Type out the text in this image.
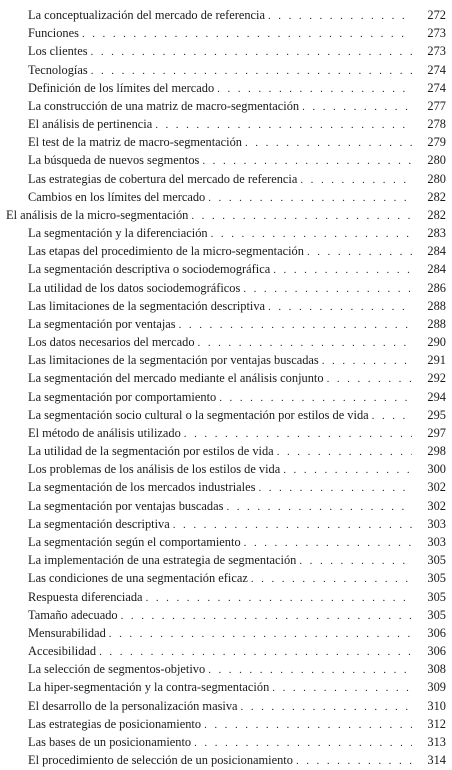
La conceptualización del mercado de referencia . . .	272
Funciones . . .	273
Los clientes . . .	273
Tecnologías . . .	274
Definición de los límites del mercado . . .	274
La construcción de una matriz de macro-segmentación . . .	277
El análisis de pertinencia . . .	278
El test de la matriz de macro-segmentación . . .	279
La búsqueda de nuevos segmentos . . .	280
Las estrategias de cobertura del mercado de referencia . . .	280
Cambios en los límites del mercado . . .	282
El análisis de la micro-segmentación . . .	282
La segmentación y la diferenciación . . .	283
Las etapas del procedimiento de la micro-segmentación . . .	284
La segmentación descriptiva o sociodemográfica . . .	284
La utilidad de los datos sociodemográficos . . .	286
Las limitaciones de la segmentación descriptiva . . .	288
La segmentación por ventajas . . .	288
Los datos necesarios del mercado . . .	290
Las limitaciones de la segmentación por ventajas buscadas . . .	291
La segmentación del mercado mediante el análisis conjunto . . .	292
La segmentación por comportamiento . . .	294
La segmentación socio cultural o la segmentación por estilos de vida . . .	295
El método de análisis utilizado . . .	297
La utilidad de la segmentación por estilos de vida . . .	298
Los problemas de los análisis de los estilos de vida . . .	300
La segmentación de los mercados industriales . . .	302
La segmentación por ventajas buscadas . . .	302
La segmentación descriptiva . . .	303
La segmentación según el comportamiento . . .	303
La implementación de una estrategia de segmentación . . .	305
Las condiciones de una segmentación eficaz . . .	305
Respuesta diferenciada . . .	305
Tamaño adecuado . . .	305
Mensurabilidad . . .	306
Accesibilidad . . .	306
La selección de segmentos-objetivo . . .	308
La hiper-segmentación y la contra-segmentación . . .	309
El desarrollo de la personalización masiva . . .	310
Las estrategias de posicionamiento . . .	312
Las bases de un posicionamiento . . .	313
El procedimiento de selección de un posicionamiento . . .	314
